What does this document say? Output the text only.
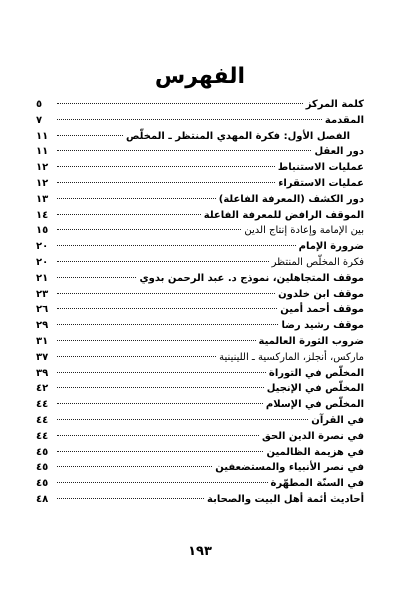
الفهرس
كلمة المركز
٥
المقدمة
٧
الفصل الأول: فكرة المهدي المنتظر ـ المخلّص
١١
دور العقل
١١
عمليات الاستنباط
١٢
عمليات الاستقراء
١٢
دور الكشف (المعرفة الفاعلة)
١٣
الموقف الرافض للمعرفة الفاعلة
١٤
بين الإمامة وإعادة إنتاج الدين
١٥
ضرورة الإمام
٢٠
فكرة المخلّص المنتظر
٢٠
موقف المتجاهلين، نموذج د. عبد الرحمن بدوي
٢١
موقف ابن خلدون
٢٣
موقف أحمد أمين
٢٦
موقف رشيد رضا
٢٩
ضروب الثورة العالمية
٣١
ماركس، أنجلز، الماركسية ـ اللينينية
٣٧
المخلّص في التوراة
٣٩
المخلّص في الإنجيل
٤٢
المخلّص في الإسلام
٤٤
في القرآن
٤٤
في نصرة الدين الحق
٤٤
في هزيمة الظالمين
٤٥
في نصر الأنبياء والمستضعفين
٤٥
في السنّة المطهّرة
٤٥
أحاديث أئمة أهل البيت والصحابة
٤٨
١٩٣
